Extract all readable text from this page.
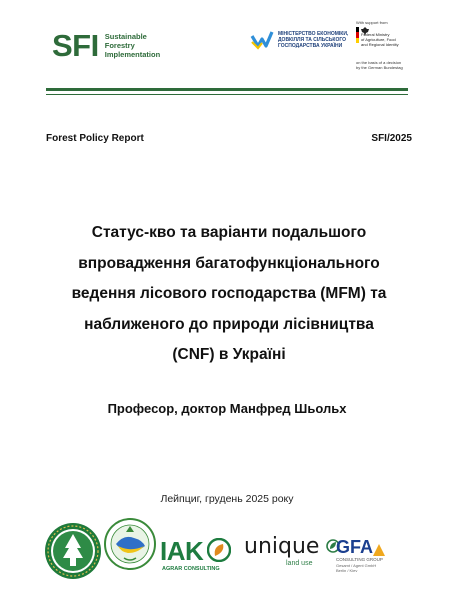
SFI Sustainable
Forestry
Implementation
МІНІСТЕРСТВО ЕКОНОМІКИ,
ДОВКІЛЛЯ ТА СІЛЬСЬКОГО
ГОСПОДАРСТВА УКРАЇНИ
With support from
Federal Ministry
of Agriculture, Food
and Regional Identity
on the basis of a decision
by the German Bundestag
Forest Policy Report	SFI/2025
Статус-кво та варіанти подальшого
впровадження багатофункціонального
ведення лісового господарства (MFM) та
наближеного до природи лісівництва
(CNF) в Україні
Професор, доктор Манфред Шьольх
Лейпциг, грудень 2025 року
IAK
AGRAR CONSULTING
unique
land use
GFA
CONSULTING GROUP
Gesamt / Agent GmbH
Berlin / Kiev
